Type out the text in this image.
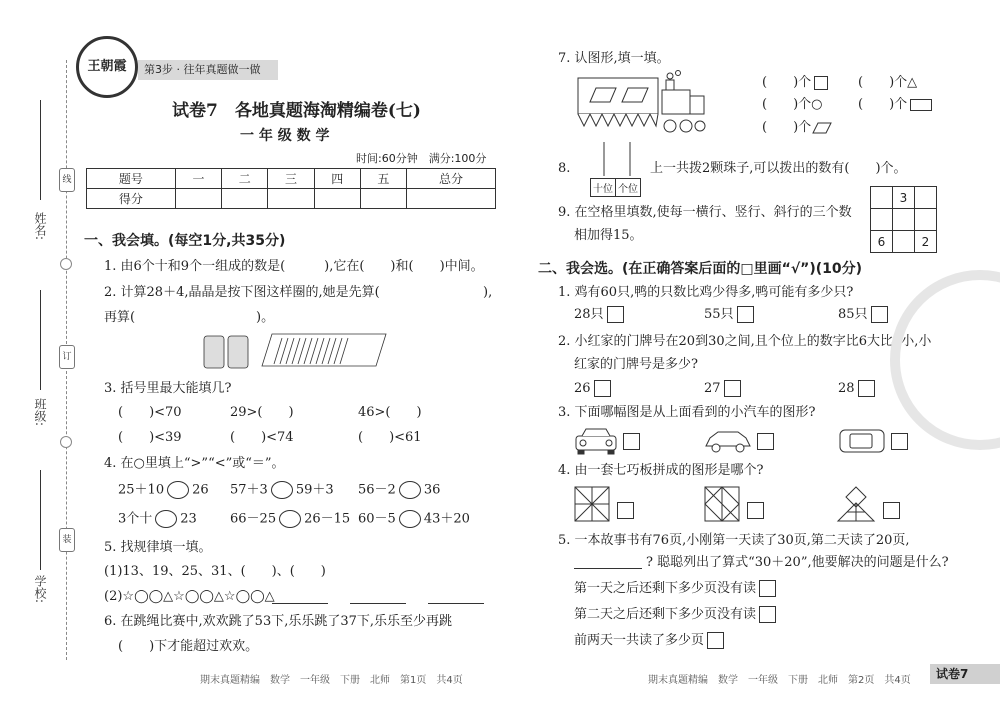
线
订
装
姓名:
班级:
学校:
王朝霞	第3步 · 往年真题做一做
试卷7　各地真题海淘精编卷(七)
一 年 级 数 学
时间:60分钟　满分:100分
题号	一	二	三	四	五	总分
得分						
一、我会填。(每空1分,共35分)
1. 由6个十和9个一组成的数是(　　　),它在(　　)和(　　)中间。
2. 计算28＋4,晶晶是按下图这样圈的,她是先算(	),
再算(	)。
3. 括号里最大能填几?
(　　)<70	29>(　　)	46>(　　)
(　　)<39	(　　)<74	(　　)<61
4. 在○里填上“>”“<”或“＝”。
25＋10 26 57＋3 59＋3 56－2 36
3个十 23	66－25 26－15 60－5 43＋20
5. 找规律填一填。
(1)13、19、25、31、(　　)、(　　)
(2)☆◯◯△☆◯◯△☆◯◯△
6. 在跳绳比赛中,欢欢跳了53下,乐乐跳了37下,乐乐至少再跳
(　　)下才能超过欢欢。
期末真题精编　数学　一年级　下册　北师　第1页　共4页
7. 认图形,填一填。
(　　)个	(　　)个△
(　　)个○	(　　)个
(　　)个
8.
十位	个位
上一共拨2颗珠子,可以拨出的数有(　　)个。
9. 在空格里填数,使每一横行、竖行、斜行的三个数
相加得15。
	3	

6		2
二、我会选。(在正确答案后面的□里画“√”)(10分)
1. 鸡有60只,鸭的只数比鸡少得多,鸭可能有多少只?
28只	55只	85只
2. 小红家的门牌号在20到30之间,且个位上的数字比6大比8小,小
红家的门牌号是多少?
26	27	28
3. 下面哪幅图是从上面看到的小汽车的图形?
4. 由一套七巧板拼成的图形是哪个?
5. 一本故事书有76页,小刚第一天读了30页,第二天读了20页,
? 聪聪列出了算式“30＋20”,他要解决的问题是什么?
第一天之后还剩下多少页没有读
第二天之后还剩下多少页没有读
前两天一共读了多少页
期末真题精编　数学　一年级　下册　北师　第2页　共4页 试卷7
